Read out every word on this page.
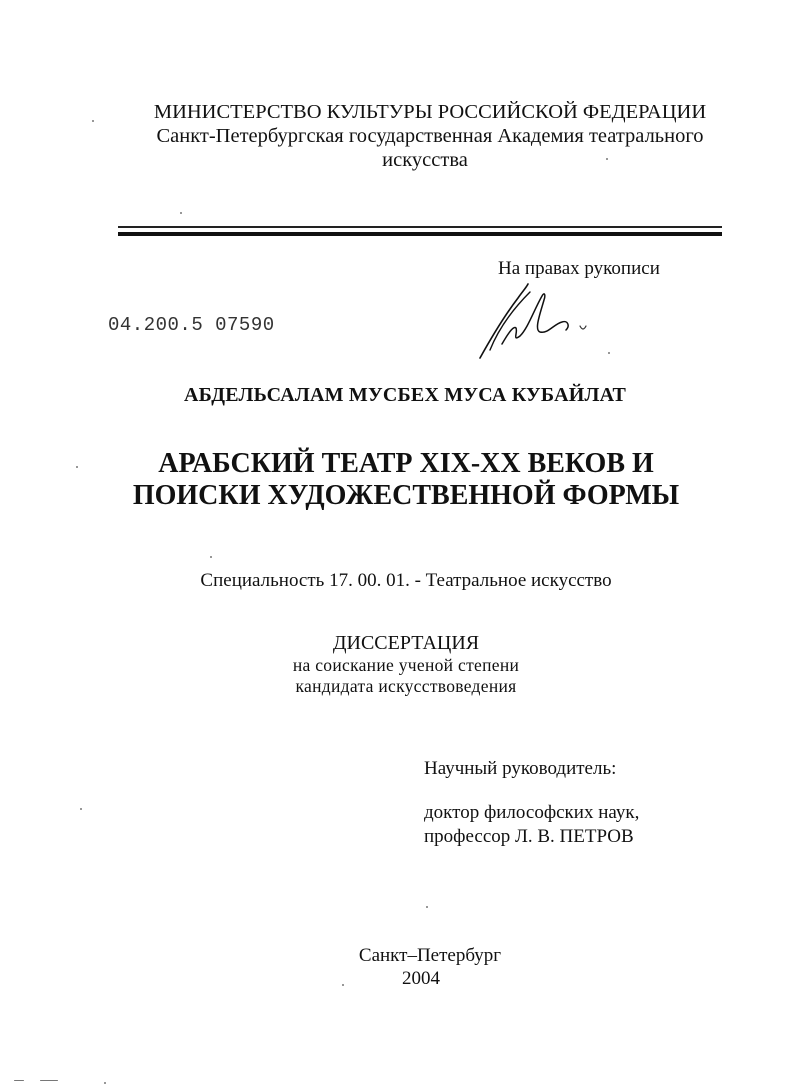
МИНИСТЕРСТВО КУЛЬТУРЫ РОССИЙСКОЙ ФЕДЕРАЦИИ
Санкт-Петербургская государственная Академия театрального
искусства
На правах рукописи
04.200.5 07590
АБДЕЛЬСАЛАМ МУСБЕХ МУСА КУБАЙЛАТ
АРАБСКИЙ ТЕАТР XIX-XX ВЕКОВ И
ПОИСКИ ХУДОЖЕСТВЕННОЙ ФОРМЫ
Специальность 17. 00. 01. - Театральное искусство
ДИССЕРТАЦИЯ
на соискание ученой степени
кандидата искусствоведения
Научный руководитель:
доктор философских наук,
профессор Л. В. ПЕТРОВ
Санкт–Петербург
2004
